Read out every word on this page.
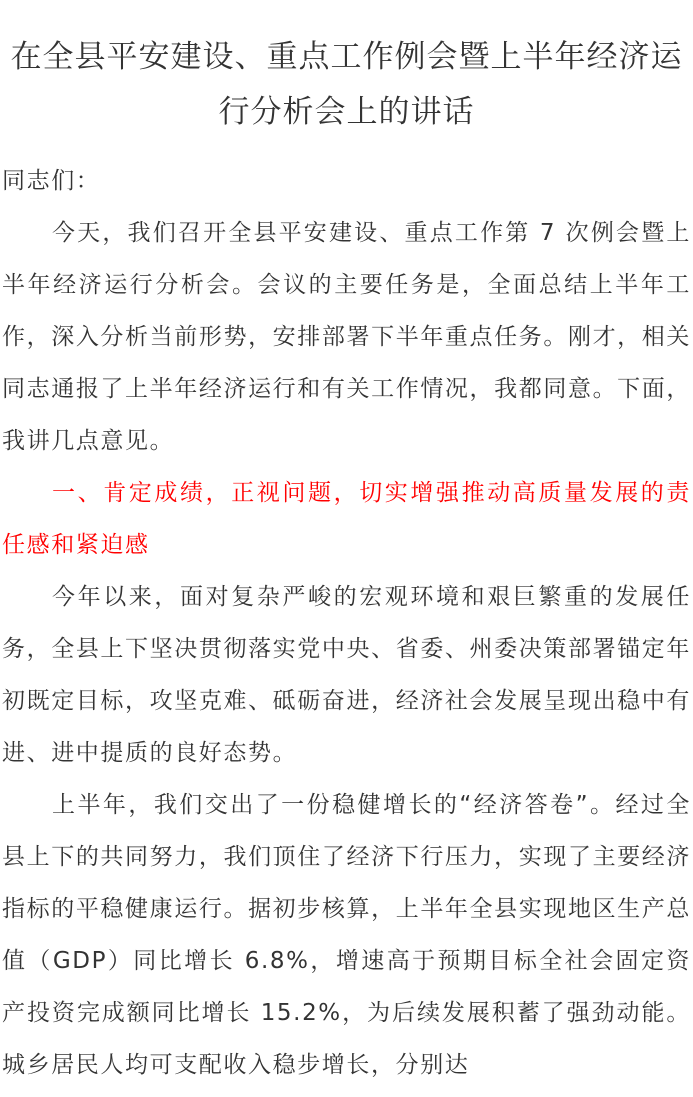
在全县平安建设、重点工作例会暨上半年经济运行分析会上的讲话

同志们：

今天，我们召开全县平安建设、重点工作第 7 次例会暨上半年经济运行分析会。会议的主要任务是，全面总结上半年工作，深入分析当前形势，安排部署下半年重点任务。刚才，相关同志通报了上半年经济运行和有关工作情况，我都同意。下面，我讲几点意见。

一、肯定成绩，正视问题，切实增强推动高质量发展的责任感和紧迫感

今年以来，面对复杂严峻的宏观环境和艰巨繁重的发展任务，全县上下坚决贯彻落实党中央、省委、州委决策部署锚定年初既定目标，攻坚克难、砥砺奋进，经济社会发展呈现出稳中有进、进中提质的良好态势。

上半年，我们交出了一份稳健增长的“经济答卷”。经过全县上下的共同努力，我们顶住了经济下行压力，实现了主要经济指标的平稳健康运行。据初步核算，上半年全县实现地区生产总值（GDP）同比增长 6.8%，增速高于预期目标全社会固定资产投资完成额同比增长 15.2%，为后续发展积蓄了强劲动能。城乡居民人均可支配收入稳步增长，分别达
